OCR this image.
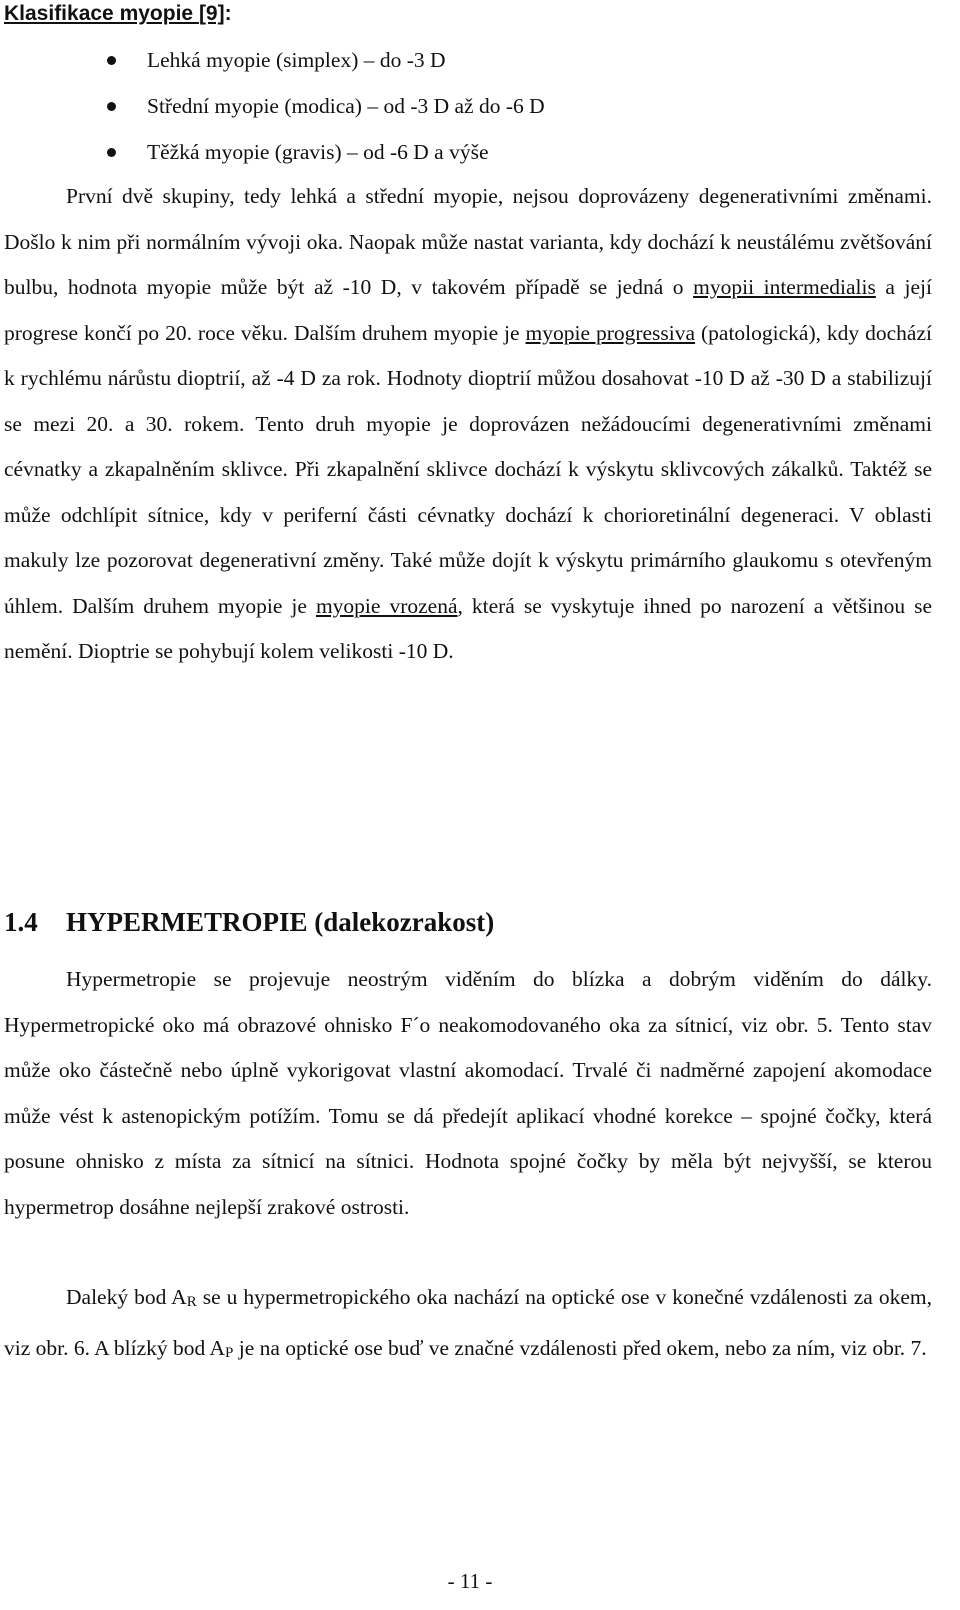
Klasifikace myopie [9]:
Lehká myopie (simplex) – do -3 D
Střední myopie (modica) – od -3 D až do -6 D
Těžká myopie (gravis) – od -6 D a výše

První dvě skupiny, tedy lehká a střední myopie, nejsou doprovázeny degenerativními změnami. Došlo k nim při normálním vývoji oka. Naopak může nastat varianta, kdy dochází k neustálému zvětšování bulbu, hodnota myopie může být až -10 D, v takovém případě se jedná o myopii intermedialis a její progrese končí po 20. roce věku. Dalším druhem myopie je myopie progressiva (patologická), kdy dochází k rychlému nárůstu dioptrií, až -4 D za rok. Hodnoty dioptrií můžou dosahovat -10 D až -30 D a stabilizují se mezi 20. a 30. rokem. Tento druh myopie je doprovázen nežádoucími degenerativními změnami cévnatky a zkapalněním sklivce. Při zkapalnění sklivce dochází k výskytu sklivcových zákalků. Taktéž se může odchlípit sítnice, kdy v periferní části cévnatky dochází k chorioretinální degeneraci. V oblasti makuly lze pozorovat degenerativní změny. Také může dojít k výskytu primárního glaukomu s otevřeným úhlem. Dalším druhem myopie je myopie vrozená, která se vyskytuje ihned po narození a většinou se nemění. Dioptrie se pohybují kolem velikosti -10 D.

1.4 HYPERMETROPIE (dalekozrakost)

Hypermetropie se projevuje neostrým viděním do blízka a dobrým viděním do dálky. Hypermetropické oko má obrazové ohnisko F´o neakomodovaného oka za sítnicí, viz obr. 5. Tento stav může oko částečně nebo úplně vykorigovat vlastní akomodací. Trvalé či nadměrné zapojení akomodace může vést k astenopickým potížím. Tomu se dá předejít aplikací vhodné korekce – spojné čočky, která posune ohnisko z místa za sítnicí na sítnici. Hodnota spojné čočky by měla být nejvyšší, se kterou hypermetrop dosáhne nejlepší zrakové ostrosti.

Daleký bod $A_R$ se u hypermetropického oka nachází na optické ose v konečné vzdálenosti za okem, viz obr. 6. A blízký bod $A_P$ je na optické ose buď ve značné vzdálenosti před okem, nebo za ním, viz obr. 7.

- 11 -
